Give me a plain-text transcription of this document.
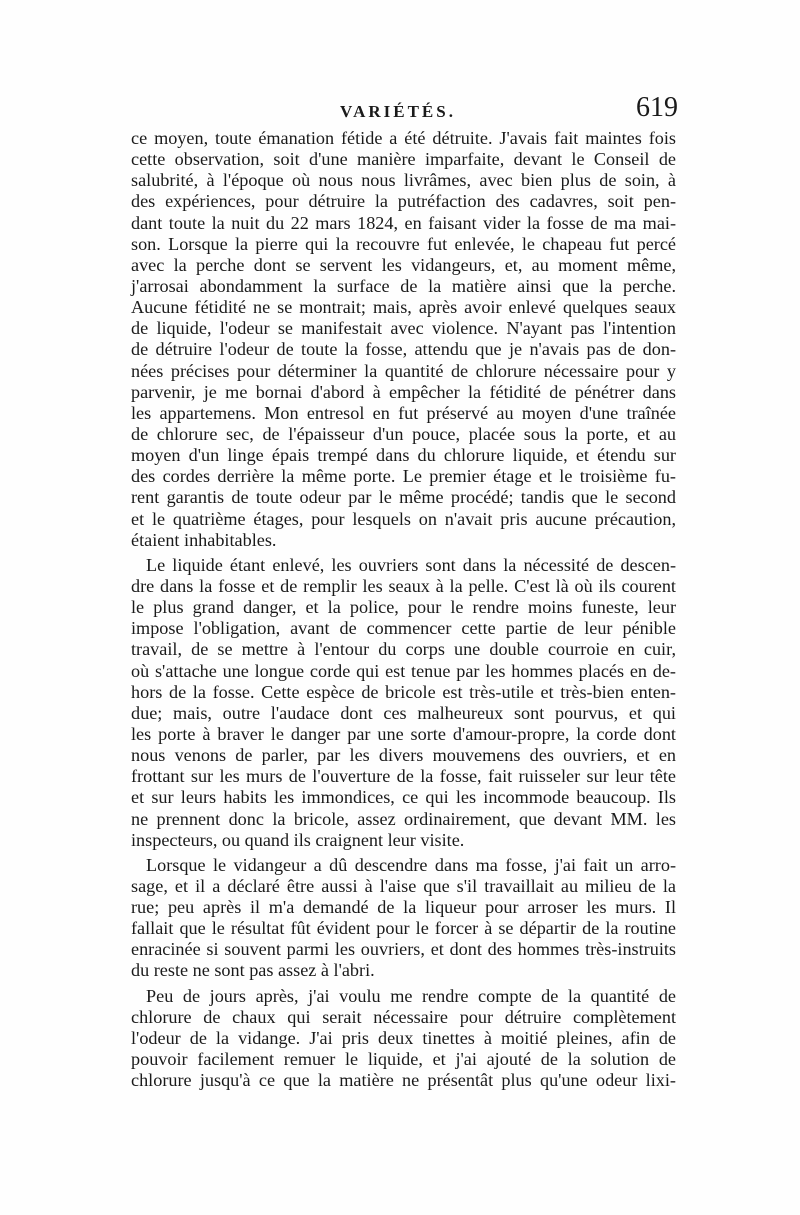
VARIÉTÉS.	619
ce moyen, toute émanation fétide a été détruite. J'avais fait maintes fois
cette observation, soit d'une manière imparfaite, devant le Conseil de
salubrité, à l'époque où nous nous livrâmes, avec bien plus de soin, à
des expériences, pour détruire la putréfaction des cadavres, soit pen-
dant toute la nuit du 22 mars 1824, en faisant vider la fosse de ma mai-
son. Lorsque la pierre qui la recouvre fut enlevée, le chapeau fut percé
avec la perche dont se servent les vidangeurs, et, au moment même,
j'arrosai abondamment la surface de la matière ainsi que la perche.
Aucune fétidité ne se montrait; mais, après avoir enlevé quelques seaux
de liquide, l'odeur se manifestait avec violence. N'ayant pas l'intention
de détruire l'odeur de toute la fosse, attendu que je n'avais pas de don-
nées précises pour déterminer la quantité de chlorure nécessaire pour y
parvenir, je me bornai d'abord à empêcher la fétidité de pénétrer dans
les appartemens. Mon entresol en fut préservé au moyen d'une traînée
de chlorure sec, de l'épaisseur d'un pouce, placée sous la porte, et au
moyen d'un linge épais trempé dans du chlorure liquide, et étendu sur
des cordes derrière la même porte. Le premier étage et le troisième fu-
rent garantis de toute odeur par le même procédé; tandis que le second
et le quatrième étages, pour lesquels on n'avait pris aucune précaution,
étaient inhabitables.
Le liquide étant enlevé, les ouvriers sont dans la nécessité de descen-
dre dans la fosse et de remplir les seaux à la pelle. C'est là où ils courent
le plus grand danger, et la police, pour le rendre moins funeste, leur
impose l'obligation, avant de commencer cette partie de leur pénible
travail, de se mettre à l'entour du corps une double courroie en cuir,
où s'attache une longue corde qui est tenue par les hommes placés en de-
hors de la fosse. Cette espèce de bricole est très-utile et très-bien enten-
due; mais, outre l'audace dont ces malheureux sont pourvus, et qui
les porte à braver le danger par une sorte d'amour-propre, la corde dont
nous venons de parler, par les divers mouvemens des ouvriers, et en
frottant sur les murs de l'ouverture de la fosse, fait ruisseler sur leur tête
et sur leurs habits les immondices, ce qui les incommode beaucoup. Ils
ne prennent donc la bricole, assez ordinairement, que devant MM. les
inspecteurs, ou quand ils craignent leur visite.
Lorsque le vidangeur a dû descendre dans ma fosse, j'ai fait un arro-
sage, et il a déclaré être aussi à l'aise que s'il travaillait au milieu de la
rue; peu après il m'a demandé de la liqueur pour arroser les murs. Il
fallait que le résultat fût évident pour le forcer à se départir de la routine
enracinée si souvent parmi les ouvriers, et dont des hommes très-instruits
du reste ne sont pas assez à l'abri.
Peu de jours après, j'ai voulu me rendre compte de la quantité de
chlorure de chaux qui serait nécessaire pour détruire complètement
l'odeur de la vidange. J'ai pris deux tinettes à moitié pleines, afin de
pouvoir facilement remuer le liquide, et j'ai ajouté de la solution de
chlorure jusqu'à ce que la matière ne présentât plus qu'une odeur lixi-
